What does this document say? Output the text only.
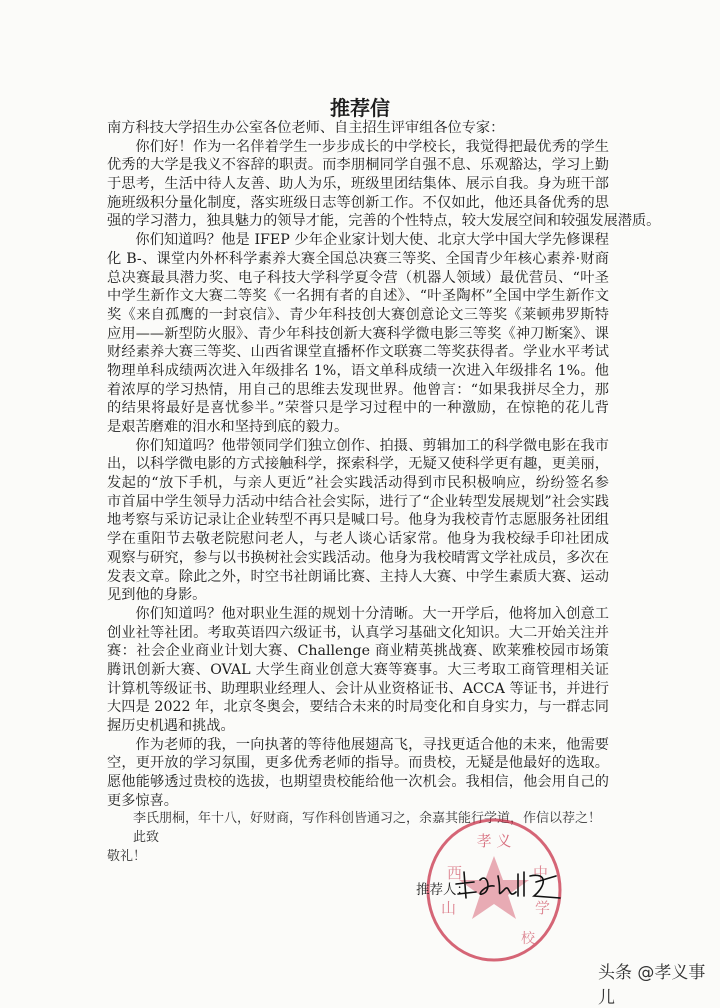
推荐信
南方科技大学招生办公室各位老师、自主招生评审组各位专家：
你们好！作为一名伴着学生一步步成长的中学校长，我觉得把最优秀的学生
优秀的大学是我义不容辞的职责。而李朋桐同学自强不息、乐观豁达，学习上勤
于思考，生活中待人友善、助人为乐，班级里团结集体、展示自我。身为班干部
施班级积分量化制度，落实班级日志等创新工作。不仅如此，他还具备优秀的思
强的学习潜力，独具魅力的领导才能，完善的个性特点，较大发展空间和较强发展潜质。
你们知道吗？他是 IFEP 少年企业家计划大使、北京大学中国大学先修课程
化 B-、课堂内外杯科学素养大赛全国总决赛三等奖、全国青少年核心素养·财商
总决赛最具潜力奖、电子科技大学科学夏令营（机器人领域）最优营员、“叶圣
中学生新作文大赛二等奖《一名拥有者的自述》、“叶圣陶杯”全国中学生新作文
奖《来自孤鹰的一封哀信》、青少年科技创大赛创意论文三等奖《莱顿弗罗斯特
应用——新型防火服》、青少年科技创新大赛科学微电影三等奖《神刀断案》、课
财经素养大赛三等奖、山西省课堂直播杯作文联赛二等奖获得者。学业水平考试
物理单科成绩两次进入年级排名 1%，语文单科成绩一次进入年级排名 1%。他
着浓厚的学习热情，用自己的思维去发现世界。他曾言：“如果我拼尽全力，那
的结果将最好是喜忧参半。”荣誉只是学习过程中的一种激励，在惊艳的花儿背
是艰苦磨难的泪水和坚持到底的毅力。
你们知道吗？他带领同学们独立创作、拍摄、剪辑加工的科学微电影在我市
出，以科学微电影的方式接触科学，探索科学，无疑又使科学更有趣，更美丽，
发起的“放下手机，与亲人更近”社会实践活动得到市民积极响应，纷纷签名参
市首届中学生领导力活动中结合社会实际，进行了“企业转型发展规划”社会实践
地考察与采访记录让企业转型不再只是喊口号。他身为我校青竹志愿服务社团组
学在重阳节去敬老院慰问老人，与老人谈心话家常。他身为我校绿手印社团成
观察与研究，参与以书换树社会实践活动。他身为我校晴霄文学社成员，多次在
发表文章。除此之外，时空书社朗诵比赛、主持人大赛、中学生素质大赛、运动
见到他的身影。
你们知道吗？他对职业生涯的规划十分清晰。大一开学后，他将加入创意工
创业社等社团。考取英语四六级证书，认真学习基础文化知识。大二开始关注并
赛：社会企业商业计划大赛、Challenge 商业精英挑战赛、欧莱雅校园市场策
腾讯创新大赛、OVAL 大学生商业创意大赛等赛事。大三考取工商管理相关证
计算机等级证书、助理职业经理人、会计从业资格证书、ACCA 等证书，并进行
大四是 2022 年，北京冬奥会，要结合未来的时局变化和自身实力，与一群志同
握历史机遇和挑战。
作为老师的我，一向执著的等待他展翅高飞，寻找更适合他的未来，他需要
空，更开放的学习氛围，更多优秀老师的指导。而贵校，无疑是他最好的选取。
愿他能够透过贵校的选拔，也期望贵校能给他一次机会。我相信，他会用自己的
更多惊喜。
李氏朋桐，年十八，好财商，写作科创皆通习之，余嘉其能行学道，作信以荐之！
此致
敬礼！
孝 义
西
山
中
学
校
推荐人：
头条 @孝义事儿
